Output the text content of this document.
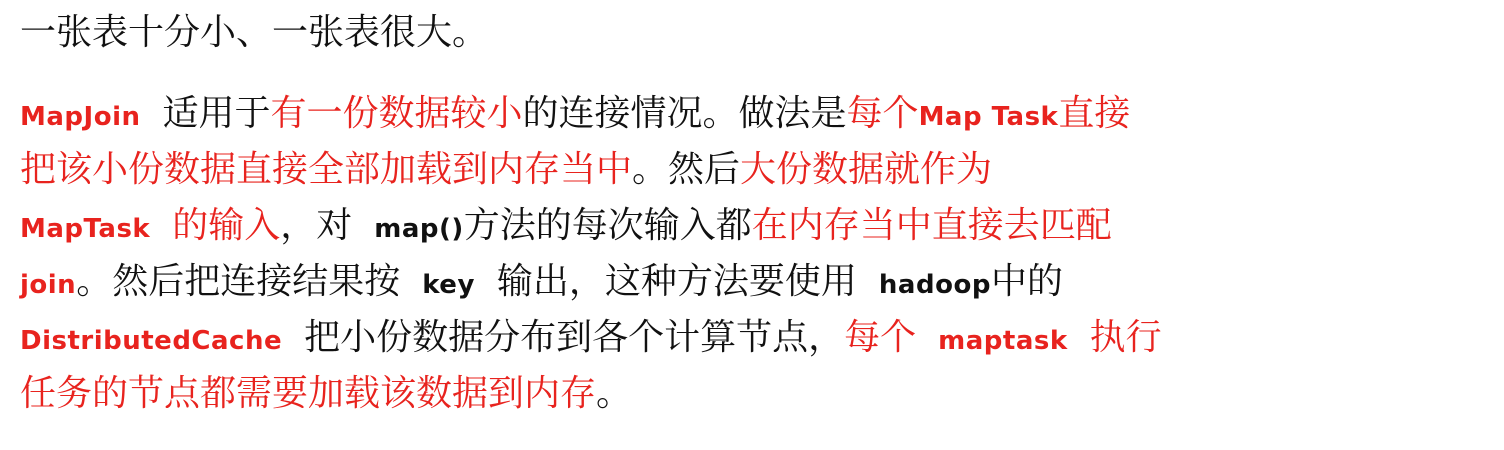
一张表十分小、一张表很大。
MapJoin 适用于有一份数据较小的连接情况。做法是每个Map Task直接
把该小份数据直接全部加载到内存当中。然后大份数据就作为
MapTask 的输入，对 map()方法的每次输入都在内存当中直接去匹配
join。然后把连接结果按 key 输出，这种方法要使用 hadoop中的
DistributedCache 把小份数据分布到各个计算节点，每个 maptask 执行
任务的节点都需要加载该数据到内存。
